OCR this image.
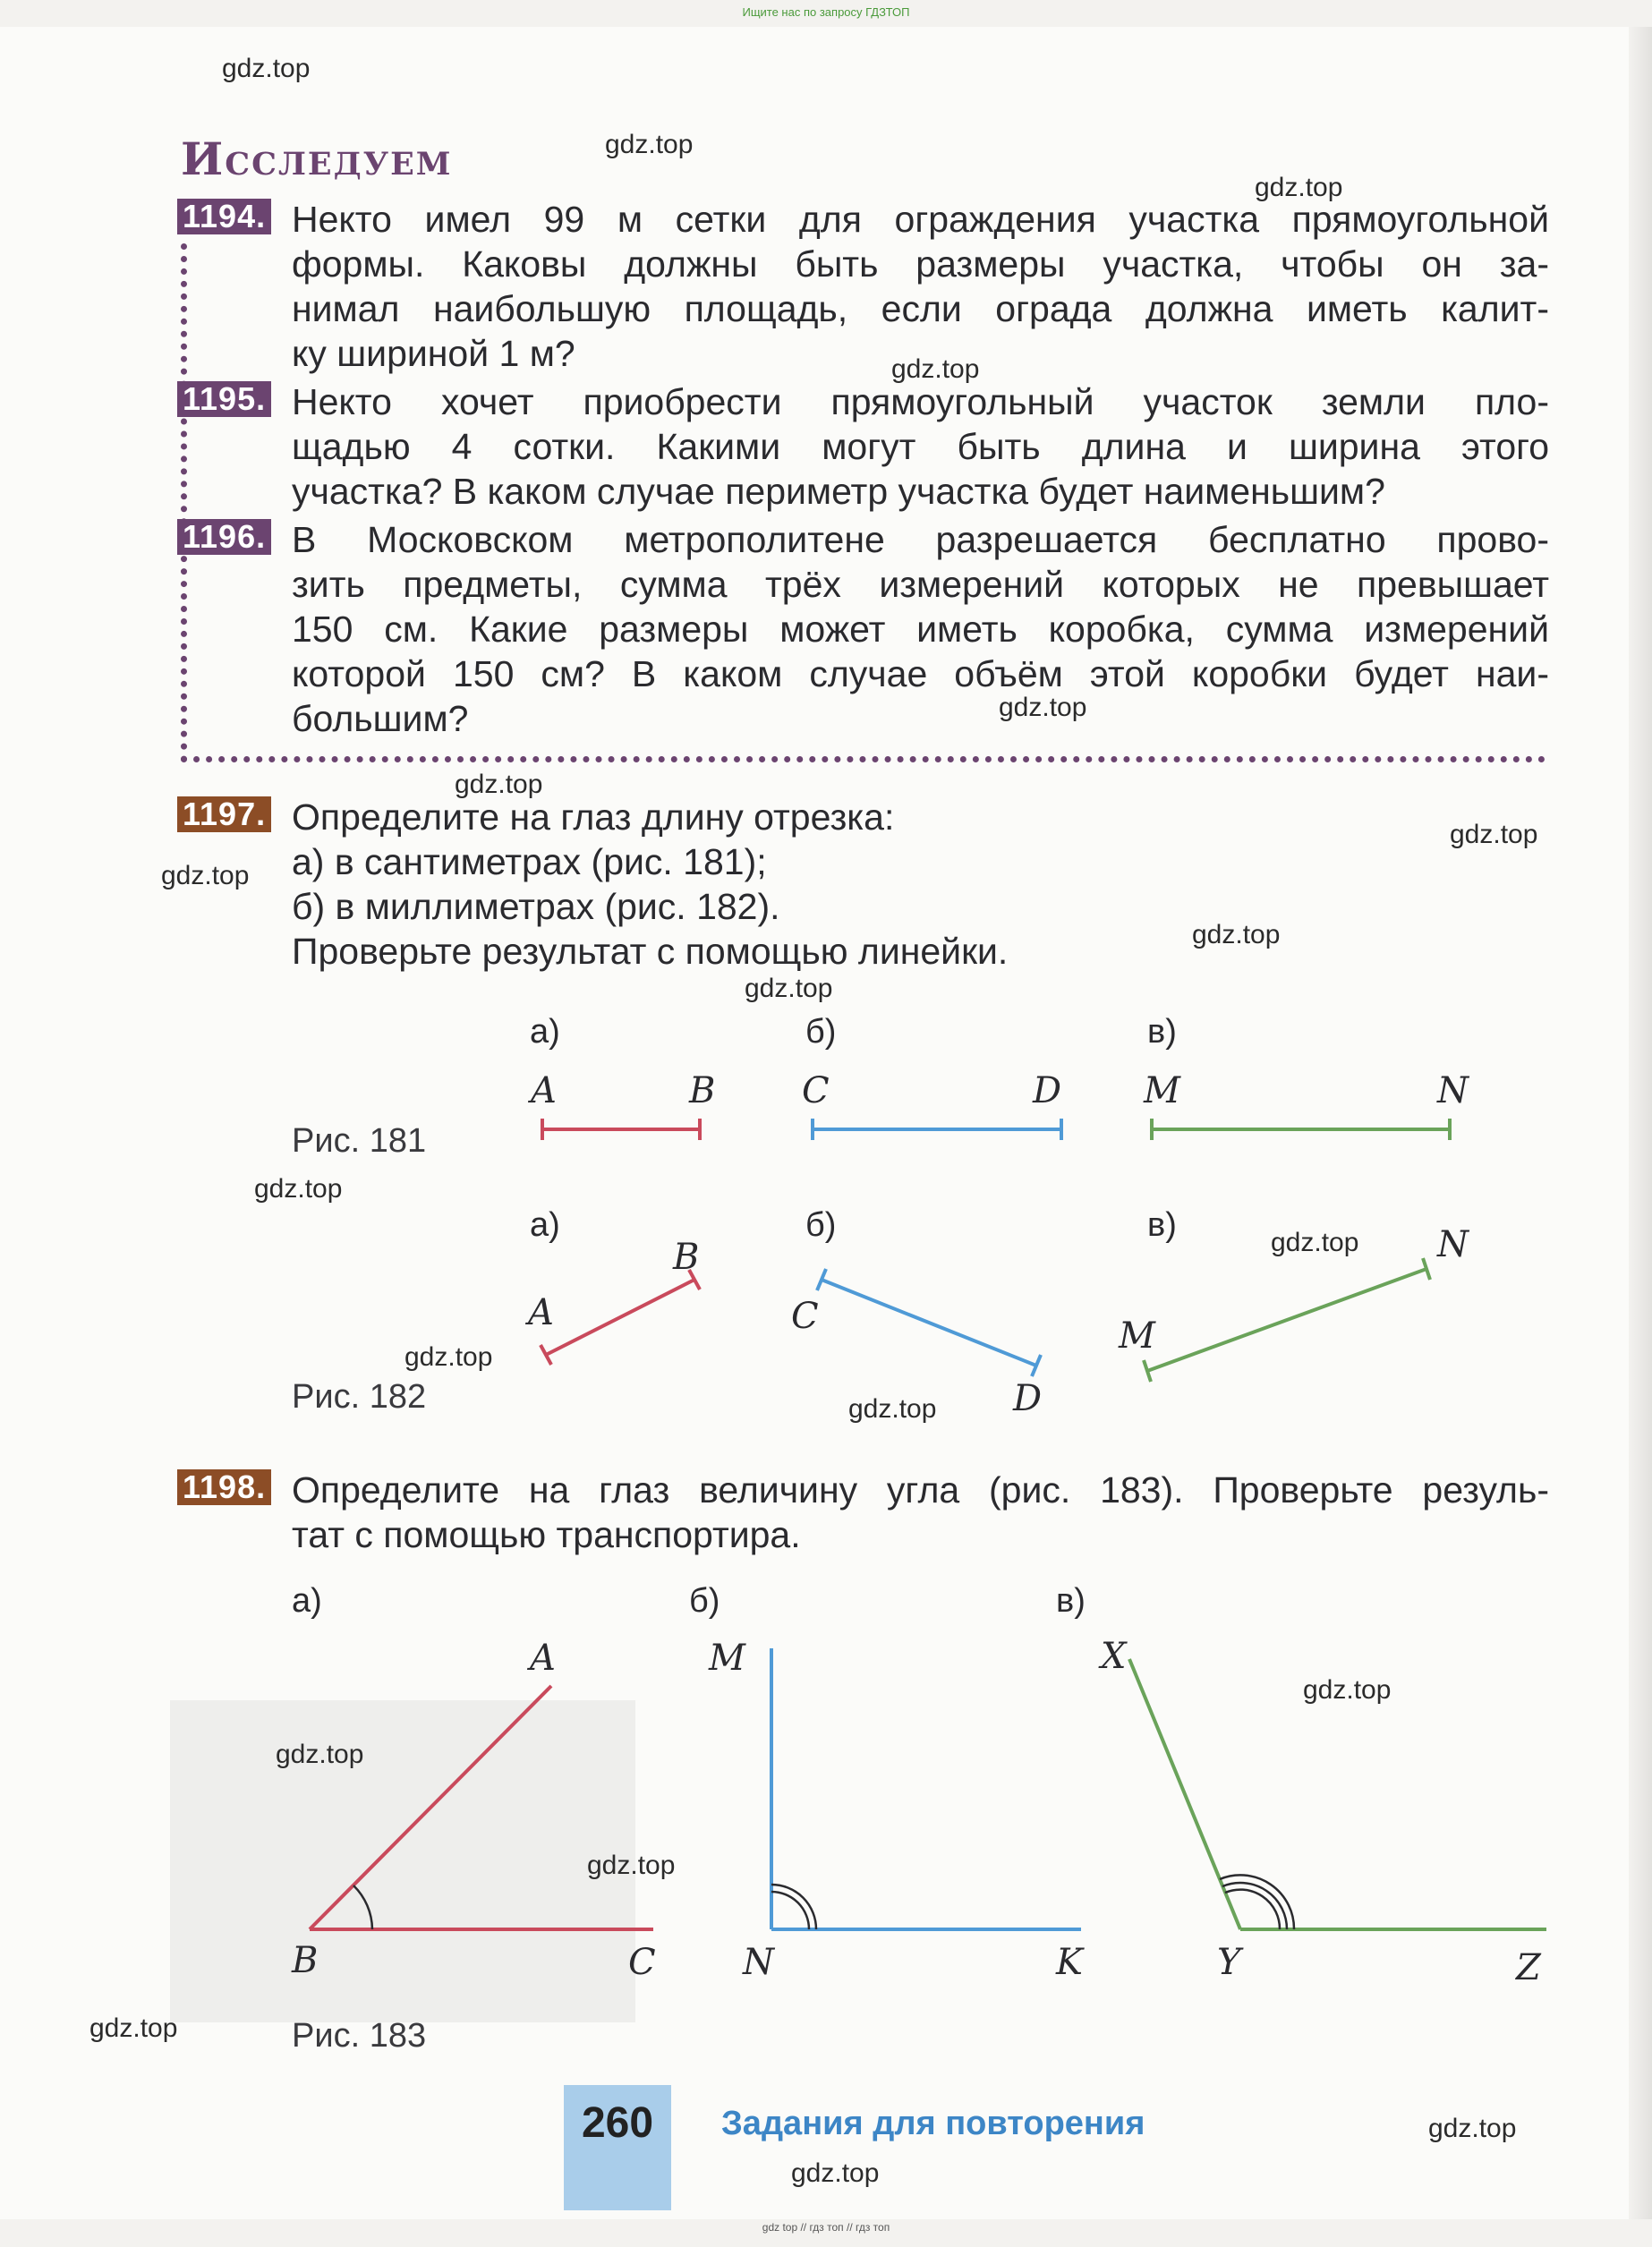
Ищите нас по запросу ГДЗТОП
Исследуем
1194. Некто имел 99 м сетки для ограждения участка прямоугольной
формы. Каковы должны быть размеры участка, чтобы он за-
нимал наибольшую площадь, если ограда должна иметь калит-
ку шириной 1 м?
1195. Некто хочет приобрести прямоугольный участок земли пло-
щадью 4 сотки. Какими могут быть длина и ширина этого
участка? В каком случае периметр участка будет наименьшим?
1196. В Московском метрополитене разрешается бесплатно прово-
зить предметы, сумма трёх измерений которых не превышает
150 см. Какие размеры может иметь коробка, сумма измерений
которой 150 см? В каком случае объём этой коробки будет наи-
большим?
1197. Определите на глаз длину отрезка:
а) в сантиметрах (рис. 181);
б) в миллиметрах (рис. 182).
Проверьте результат с помощью линейки.
а)	б)	в)
A	B C	D M	N
Рис. 181
а)	б)	в)
A
B
C
D
M
N
Рис. 182
1198. Определите на глаз величину угла (рис. 183). Проверьте резуль-
тат с помощью транспортира.
а)	б)	в)
A
B	C
M
N	K
X
Y	Z
Рис. 183
260	Задания для повторения
gdz.top
gdz.top
gdz.top
gdz.top
gdz.top
gdz.top
gdz.top
gdz.top
gdz.top
gdz.top
gdz.top
gdz.top
gdz.top
gdz.top
gdz.top
gdz.top
gdz.top
gdz.top
gdz.top
gdz.top
gdz top // гдз топ // гдз топ
